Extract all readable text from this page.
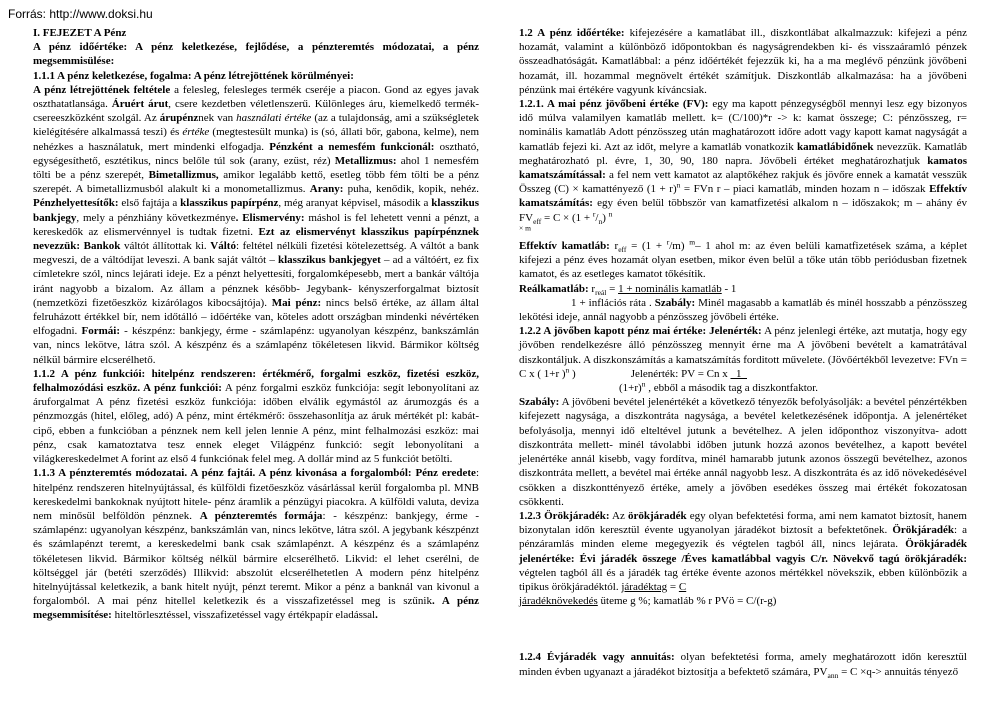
Forrás: http://www.doksi.hu

I. FEJEZET A Pénz

A pénz időértéke: A pénz keletkezése, fejlődése, a pénzteremtés módozatai, a pénz megsemmisülése:

1.1.1 A pénz keletkezése, fogalma: A pénz létrejöttének körülményei:

A pénz létrejöttének feltétele a felesleg, felesleges termék cseréje a piacon. Gond az egyes javak oszthatatlansága. Áruért árut, csere kezdetben véletlenszerű. Különleges áru, kiemelkedő termék- csereeszközként szolgál. Az árupénznek van használati értéke (az a tulajdonság, ami a szükségletek kielégítésére alkalmassá teszi) és értéke (megtestesült munka) is (só, állati bőr, gabona, kelme), nem nehézkes a használatuk, mert mindenki elfogadja. Pénzként a nemesfém funkcionál: osztható, egységesíthető, esztétikus, nincs belőle túl sok (arany, ezüst, réz) Metallizmus: ahol 1 nemesfém tölti be a pénz szerepét, Bimetallizmus, amikor legalább kettő, esetleg több fém tölti be a pénz szerepét. A bimetallizmusból alakult ki a monometallizmus. Arany: puha, kenődik, kopik, nehéz. Pénzhelyettesítők: első fajtája a klasszikus papírpénz, még aranyat képvisel, második a klasszikus bankjegy, mely a pénzhiány következménye. Elismervény: máshol is fel lehetett venni a pénzt, a kereskedők az elismervénnyel is tudtak fizetni. Ezt az elismervényt klasszikus papírpénznek nevezzük: Bankok váltót állítottak ki. Váltó: feltétel nélküli fizetési kötelezettség. A váltót a bank megveszi, de a váltódíjat leveszi. A bank saját váltót – klasszikus bankjegyet – ad a váltóért, ez fix címletekre szól, nincs lejárati ideje. Ez a pénzt helyettesíti, forgalomképesebb, mert a bankár váltója iránt nagyobb a bizalom. Az állam a pénznek később- Jegybank- kényszerforgalmat biztosít (nemzetközi fizetőeszköz kizárólagos kibocsájtója). Mai pénz: nincs belső értéke, az állam által felruházott értékkel bír, nem időtálló – időértéke van, köteles adott országban mindenki névértéken elfogadni. Formái: - készpénz: bankjegy, érme - számlapénz: ugyanolyan készpénz, bankszámlán van, nincs lekötve, látra szól. A készpénz és a számlapénz tökéletesen likvid. Bármikor költség nélkül bármire elcserélhető.

1.1.2 A pénz funkciói: hitelpénz rendszeren: értékmérő, forgalmi eszköz, fizetési eszköz, felhalmozódási eszköz. A pénz funkciói: A pénz forgalmi eszköz funkciója: segít lebonyolítani az áruforgalmat A pénz fizetési eszköz funkciója: időben elválik egymástól az árumozgás és a pénzmozgás (hitel, előleg, adó) A pénz, mint értékmérő: összehasonlítja az áruk mértékét pl: kabát-cipő, ebben a funkcióban a pénznek nem kell jelen lennie A pénz, mint felhalmozási eszköz: mai pénz, csak kamatoztatva tesz ennek eleget Világpénz funkció: segít lebonyolítani a világkereskedelmet A forint az első 4 funkciónak felel meg. A dollár mind az 5 funkciót betölti.

1.1.3 A pénzteremtés módozatai. A pénz fajtái. A pénz kivonása a forgalomból: Pénz eredete: hitelpénz rendszeren hitelnyújtással, és külföldi fizetőeszköz vásárlással kerül forgalomba pl. MNB kereskedelmi bankoknak nyújtott hitele- pénz áramlik a pénzügyi piacokra. A külföldi valuta, deviza nem minősül belföldön pénznek. A pénzteremtés formája: - készpénz: bankjegy, érme - számlapénz: ugyanolyan készpénz, bankszámlán van, nincs lekötve, látra szól. A jegybank készpénzt és számlapénzt teremt, a kereskedelmi bank csak számlapénzt. A készpénz és a számlapénz tökéletesen likvid. Bármikor költség nélkül bármire elcserélhető. Likvid: el lehet cserélni, de költséggel jár (betéti szerződés) Illikvid: abszolút elcserélhetetlen A modern pénz hitelpénz hitelnyújtással keletkezik, a bank hitelt nyújt, pénzt teremt. Mikor a pénz a banknál van kivonul a forgalomból. A mai pénz hitellel keletkezik és a visszafizetéssel meg is szűnik. A pénz megsemmisítése: hiteltörlesztéssel, visszafizetéssel vagy értékpapír eladással.

1.2 A pénz időértéke: kifejezésére a kamatlábat ill., diszkontlábat alkalmazzuk: kifejezi a pénz hozamát, valamint a különböző időpontokban és nagyságrendekben ki- és visszaáramló pénzek összeadhatóságát. Kamatlábbal: a pénz időértékét fejezzük ki, ha a ma meglévő pénzünk jövőbeni hozamát, ill. hozammal megnövelt értékét számítjuk. Diszkontláb alkalmazása: ha a jövőbeni pénzünk mai értékére vagyunk kíváncsiak.

1.2.1. A mai pénz jövőbeni értéke (FV): egy ma kapott pénzegységből mennyi lesz egy bizonyos idő múlva valamilyen kamatláb mellett. k= (C/100)*r -> k: kamat összege; C: pénzösszeg, r= nominális kamatláb Adott pénzösszeg után maghatározott időre adott vagy kapott kamat nagyságát a kamatláb fejezi ki. Azt az időt, melyre a kamatláb vonatkozik kamatlábidőnek nevezzük. Kamatláb meghatározható pl. évre, 1, 30, 90, 180 napra. Jövőbeli értéket meghatározhatjuk kamatos kamatszámítással: a fel nem vett kamatot az alaptőkéhez rakjuk és jövőre ennek a kamatát vesszük Összeg (C) × kamattényező $(1 + r)^n$ = FVn r – piaci kamatláb, minden hozam n – időszak Effektív kamatszámítás: egy éven belül többször van kamatfizetési alkalom n – időszakok; m – ahány év $FV_{eff} = C \times (1 + ^r/_n)$ $^n$
$^{\times m}$

Effektív kamatláb: $r_{eff} = (1 + ^r/m)$ $^m$– 1 ahol m: az éven belüli kamatfizetések száma, a képlet kifejezi a pénz éves hozamát olyan esetben, mikor éven belül a tőke után több periódusban fizetnek kamatot, és az esetleges kamatot tőkésítik.

Reálkamatláb: $r_{reál} = 1$ + nominális kamatláb - 1
1 + inflációs ráta . Szabály: Minél magasabb a kamatláb és minél hosszabb a pénzösszeg lekötési ideje, annál nagyobb a pénzösszeg jövőbeli értéke.

1.2.2 A jövőben kapott pénz mai értéke: Jelenérték: A pénz jelenlegi értéke, azt mutatja, hogy egy jövőben rendelkezésre álló pénzösszeg mennyit érne ma A jövőbeni bevételt a kamatrátával diszkontáljuk. A diszkonszámítás a kamatszámítás forditott művelete. (Jövőértékből levezetve: FVn = C x ( 1+r )$^n$ )	Jelenérték: PV = Cn x   1
$(1+r)^n$ , ebből a második tag a diszkontfaktor.

Szabály: A jövőbeni bevétel jelenértékét a következő tényezők befolyásolják: a bevétel pénzértékben kifejezett nagysága, a diszkontráta nagysága, a bevétel keletkezésének időpontja. A jelenértéket befolyásolja, mennyi idő elteltével jutunk a bevételhez. A jelen időponthoz viszonyítva- adott diszkontráta mellett- minél távolabbi időben jutunk hozzá azonos bevételhez, a kapott bevétel jelenértéke annál kisebb, vagy fordítva, minél hamarabb jutunk azonos összegű bevételhez, azonos diszkontráta mellett, a bevétel mai értéke annál nagyobb lesz. A diszkontráta és az idő növekedésével csökken a diszkonttényező értéke, amely a jövőben esedékes összeg mai értékét fokozatosan csökkenti.

1.2.3 Örökjáradék: Az örökjáradék egy olyan befektetési forma, ami nem kamatot biztosít, hanem bizonytalan időn keresztül évente ugyanolyan járadékot biztosít a befektetőnek. Örökjáradék: a pénzáramlás minden eleme megegyezik és végtelen tagból áll, nincs lejárata. Örökjáradék jelenértéke: Évi járadék összege /Éves kamatlábbal vagyis C/r. Növekvő tagú örökjáradék: végtelen tagból áll és a járadék tag értéke évente azonos mértékkel növekszik, ebben különbözik a tipikus örökjáradéktól. járadéktag = C
járadéknövekedés üteme g %; kamatláb % r PVö = C/(r-g)

1.2.4 Évjáradék vagy annuitás: olyan befektetési forma, amely meghatározott időn keresztül minden évben ugyanazt a járadékot biztosítja a befektető számára, $PV_{ann} = C \times q->$ annuitás tényező
